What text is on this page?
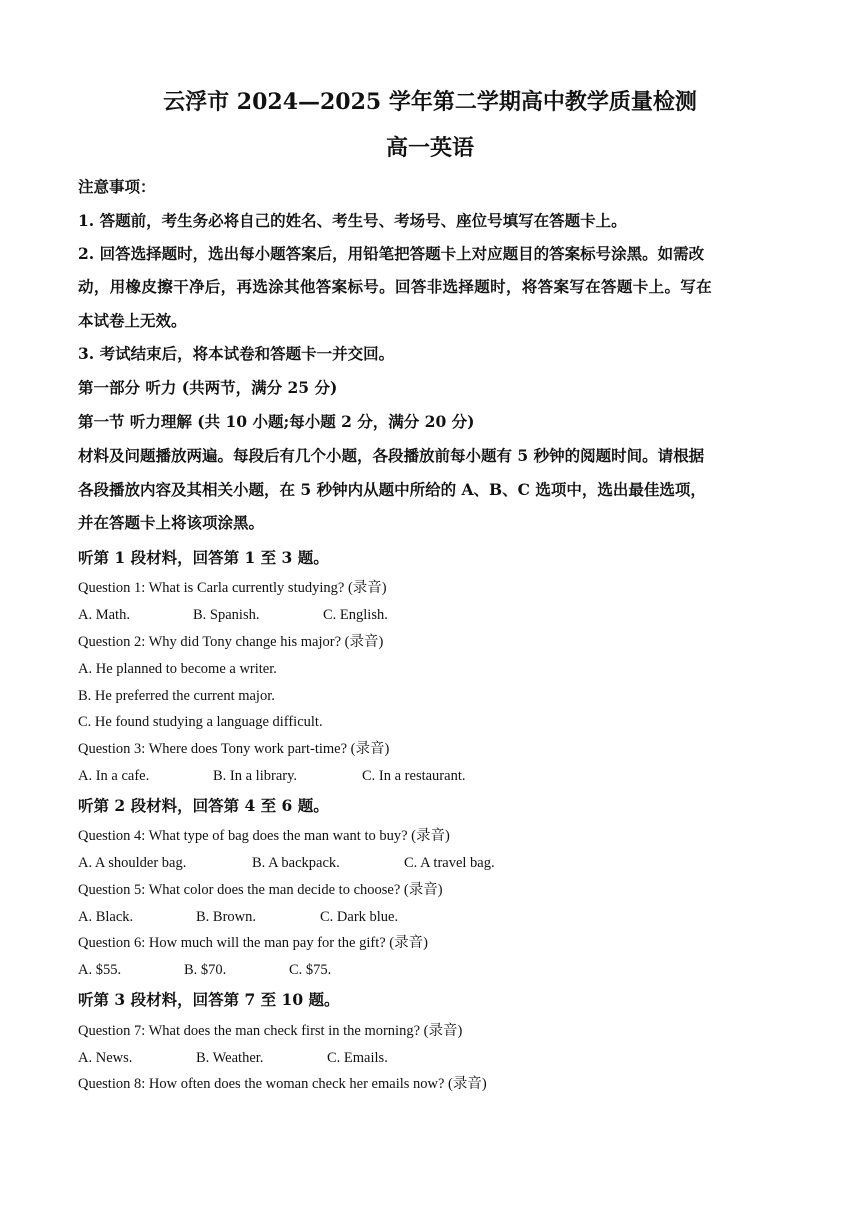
云浮市 2024—2025 学年第二学期高中教学质量检测
高一英语
注意事项：
1. 答题前，考生务必将自己的姓名、考生号、考场号、座位号填写在答题卡上。
2. 回答选择题时，选出每小题答案后，用铅笔把答题卡上对应题目的答案标号涂黑。如需改
动，用橡皮擦干净后，再选涂其他答案标号。回答非选择题时，将答案写在答题卡上。写在
本试卷上无效。
3. 考试结束后，将本试卷和答题卡一并交回。
第一部分 听力 (共两节，满分 25 分)
第一节 听力理解 (共 10 小题;每小题 2 分，满分 20 分)
材料及问题播放两遍。每段后有几个小题，各段播放前每小题有 5 秒钟的阅题时间。请根据
各段播放内容及其相关小题，在 5 秒钟内从题中所给的 A、B、C 选项中，选出最佳选项，
并在答题卡上将该项涂黑。
听第 1 段材料，回答第 1 至 3 题。
Question 1: What is Carla currently studying? (录音)
A. Math.	B. Spanish.	C. English.
Question 2: Why did Tony change his major? (录音)
A. He planned to become a writer.
B. He preferred the current major.
C. He found studying a language difficult.
Question 3: Where does Tony work part-time? (录音)
A. In a cafe.	B. In a library.	C. In a restaurant.
听第 2 段材料，回答第 4 至 6 题。
Question 4: What type of bag does the man want to buy? (录音)
A. A shoulder bag.	B. A backpack.	C. A travel bag.
Question 5: What color does the man decide to choose? (录音)
A. Black.	B. Brown.	C. Dark blue.
Question 6: How much will the man pay for the gift? (录音)
A. $55.	B. $70.	C. $75.
听第 3 段材料，回答第 7 至 10 题。
Question 7: What does the man check first in the morning? (录音)
A. News.	B. Weather.	C. Emails.
Question 8: How often does the woman check her emails now? (录音)
